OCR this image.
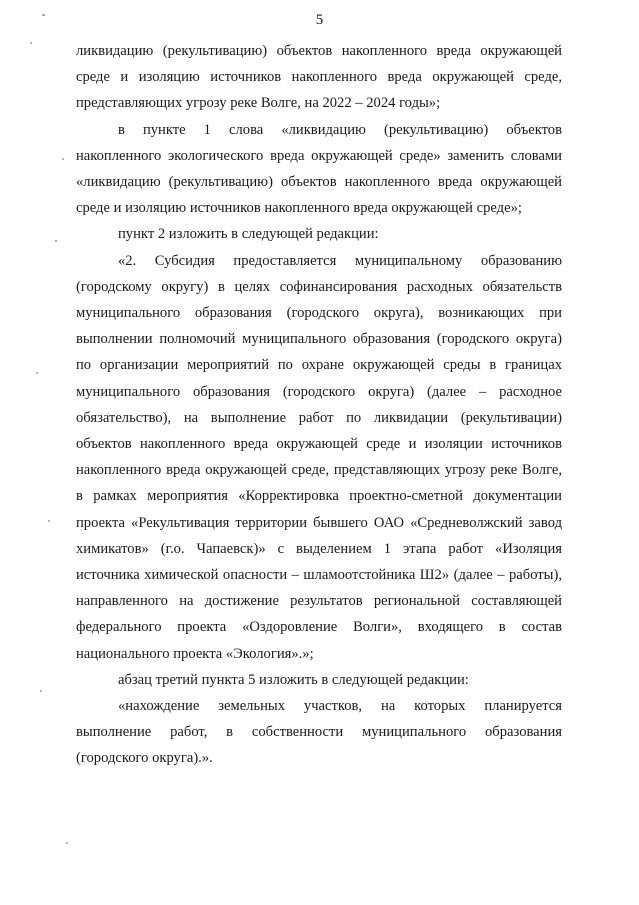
5

ликвидацию (рекультивацию) объектов накопленного вреда окружающей среде и изоляцию источников накопленного вреда окружающей среде, представляющих угрозу реке Волге, на 2022 – 2024 годы»;

в пункте 1 слова «ликвидацию (рекультивацию) объектов накопленного экологического вреда окружающей среде» заменить словами «ликвидацию (рекультивацию) объектов накопленного вреда окружающей среде и изоляцию источников накопленного вреда окружающей среде»;

пункт 2 изложить в следующей редакции:

«2. Субсидия предоставляется муниципальному образованию (городскому округу) в целях софинансирования расходных обязательств муниципального образования (городского округа), возникающих при выполнении полномочий муниципального образования (городского округа) по организации мероприятий по охране окружающей среды в границах муниципального образования (городского округа) (далее – расходное обязательство), на выполнение работ по ликвидации (рекультивации) объектов накопленного вреда окружающей среде и изоляции источников накопленного вреда окружающей среде, представляющих угрозу реке Волге, в рамках мероприятия «Корректировка проектно-сметной документации проекта «Рекультивация территории бывшего ОАО «Средневолжский завод химикатов» (г.о. Чапаевск)» с выделением 1 этапа работ «Изоляция источника химической опасности – шламоотстойника Ш2» (далее – работы), направленного на достижение результатов региональной составляющей федерального проекта «Оздоровление Волги», входящего в состав национального проекта «Экология».»;

абзац третий пункта 5 изложить в следующей редакции:

«нахождение земельных участков, на которых планируется выполнение работ, в собственности муниципального образования (городского округа).».
